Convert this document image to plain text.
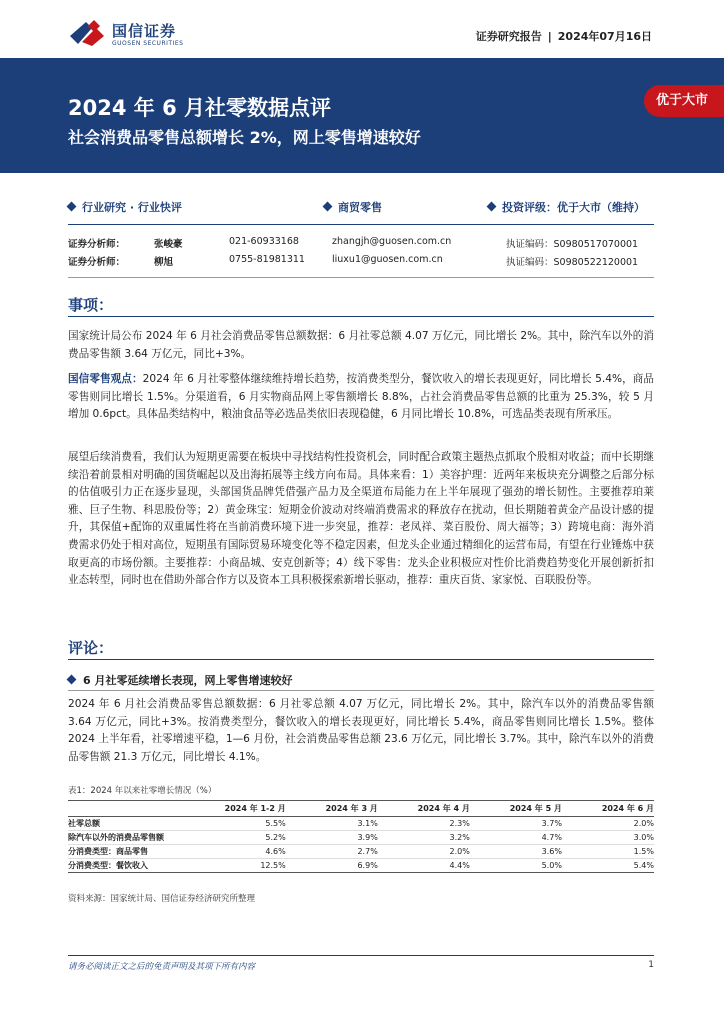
国信证券
GUOSEN SECURITIES
证券研究报告 | 2024年07月16日
2024 年 6 月社零数据点评
社会消费品零售总额增长 2%，网上零售增速较好
优于大市
行业研究 · 行业快评	商贸零售	投资评级：优于大市（维持）
证券分析师：	张峻豪	021-60933168	zhangjh@guosen.com.cn	执证编码：S0980517070001
证券分析师：	柳旭	0755-81981311	liuxu1@guosen.com.cn	执证编码：S0980522120001
事项：
国家统计局公布 2024 年 6 月社会消费品零售总额数据：6 月社零总额 4.07 万亿元，同比增长 2%。其中，除汽车以外的消费品零售额 3.64 万亿元，同比+3%。
国信零售观点：2024 年 6 月社零整体继续维持增长趋势，按消费类型分，餐饮收入的增长表现更好，同比增长 5.4%，商品零售则同比增长 1.5%。分渠道看，6 月实物商品网上零售额增长 8.8%，占社会消费品零售总额的比重为 25.3%，较 5 月增加 0.6pct。具体品类结构中，粮油食品等必选品类依旧表现稳健，6 月同比增长 10.8%，可选品类表现有所承压。
展望后续消费看，我们认为短期更需要在板块中寻找结构性投资机会，同时配合政策主题热点抓取个股相对收益；而中长期继续沿着前景相对明确的国货崛起以及出海拓展等主线方向布局。具体来看：1）美容护理：近两年来板块充分调整之后部分标的估值吸引力正在逐步显现，头部国货品牌凭借强产品力及全渠道布局能力在上半年展现了强劲的增长韧性。主要推荐珀莱雅、巨子生物、科思股份等；2）黄金珠宝：短期金价波动对终端消费需求的释放存在扰动，但长期随着黄金产品设计感的提升，其保值+配饰的双重属性将在当前消费环境下进一步突显，推荐：老凤祥、菜百股份、周大福等；3）跨境电商：海外消费需求仍处于相对高位，短期虽有国际贸易环境变化等不稳定因素，但龙头企业通过精细化的运营布局，有望在行业锤炼中获取更高的市场份额。主要推荐：小商品城、安克创新等；4）线下零售：龙头企业积极应对性价比消费趋势变化开展创新折扣业态转型，同时也在借助外部合作方以及资本工具积极探索新增长驱动，推荐：重庆百货、家家悦、百联股份等。
评论：
6 月社零延续增长表现，网上零售增速较好
2024 年 6 月社会消费品零售总额数据：6 月社零总额 4.07 万亿元，同比增长 2%。其中，除汽车以外的消费品零售额 3.64 万亿元，同比+3%。按消费类型分，餐饮收入的增长表现更好，同比增长 5.4%，商品零售则同比增长 1.5%。整体 2024 上半年看，社零增速平稳，1—6 月份，社会消费品零售总额 23.6 万亿元，同比增长 3.7%。其中，除汽车以外的消费品零售额 21.3 万亿元，同比增长 4.1%。
表1：2024 年以来社零增长情况（%）
	2024 年 1-2 月	2024 年 3 月	2024 年 4 月	2024 年 5 月	2024 年 6 月
社零总额	5.5%	3.1%	2.3%	3.7%	2.0%
除汽车以外的消费品零售额	5.2%	3.9%	3.2%	4.7%	3.0%
分消费类型：商品零售	4.6%	2.7%	2.0%	3.6%	1.5%
分消费类型：餐饮收入	12.5%	6.9%	4.4%	5.0%	5.4%
资料来源：国家统计局、国信证券经济研究所整理
请务必阅读正文之后的免责声明及其项下所有内容	1
